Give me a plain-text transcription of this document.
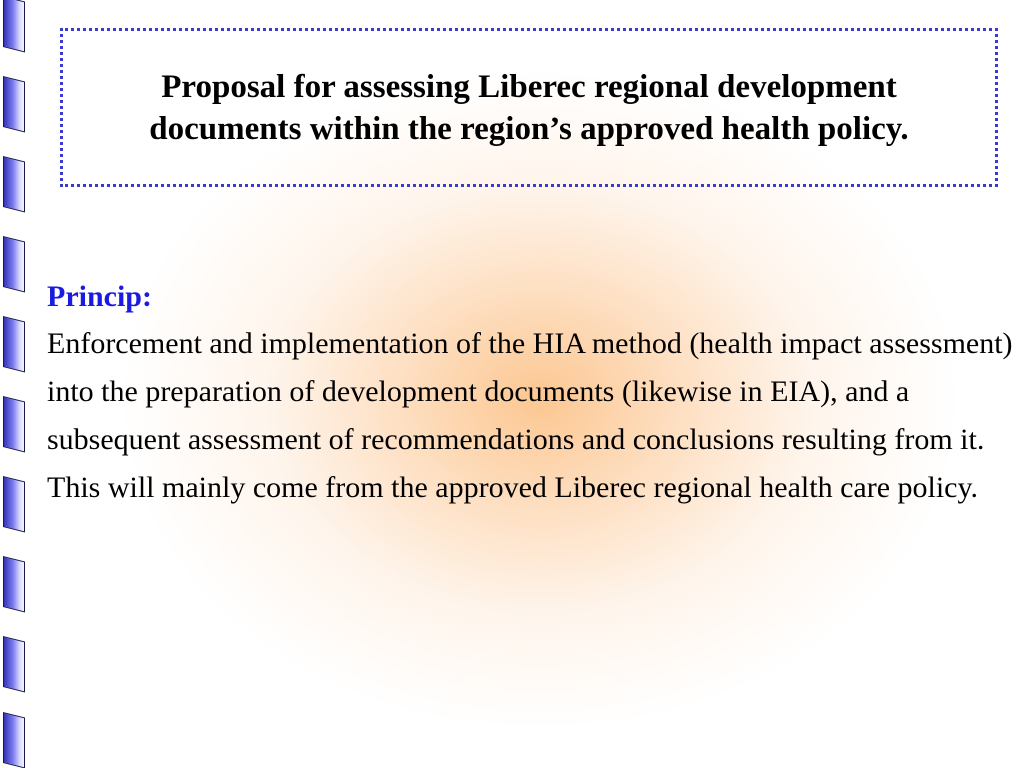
Proposal for assessing Liberec regional development documents within the region’s approved health policy.

Princip:

Enforcement and implementation of the HIA method (health impact assessment) into the preparation of development documents (likewise in EIA), and a subsequent assessment of recommendations and conclusions resulting from it.  This will mainly come from the approved Liberec regional health care policy.
